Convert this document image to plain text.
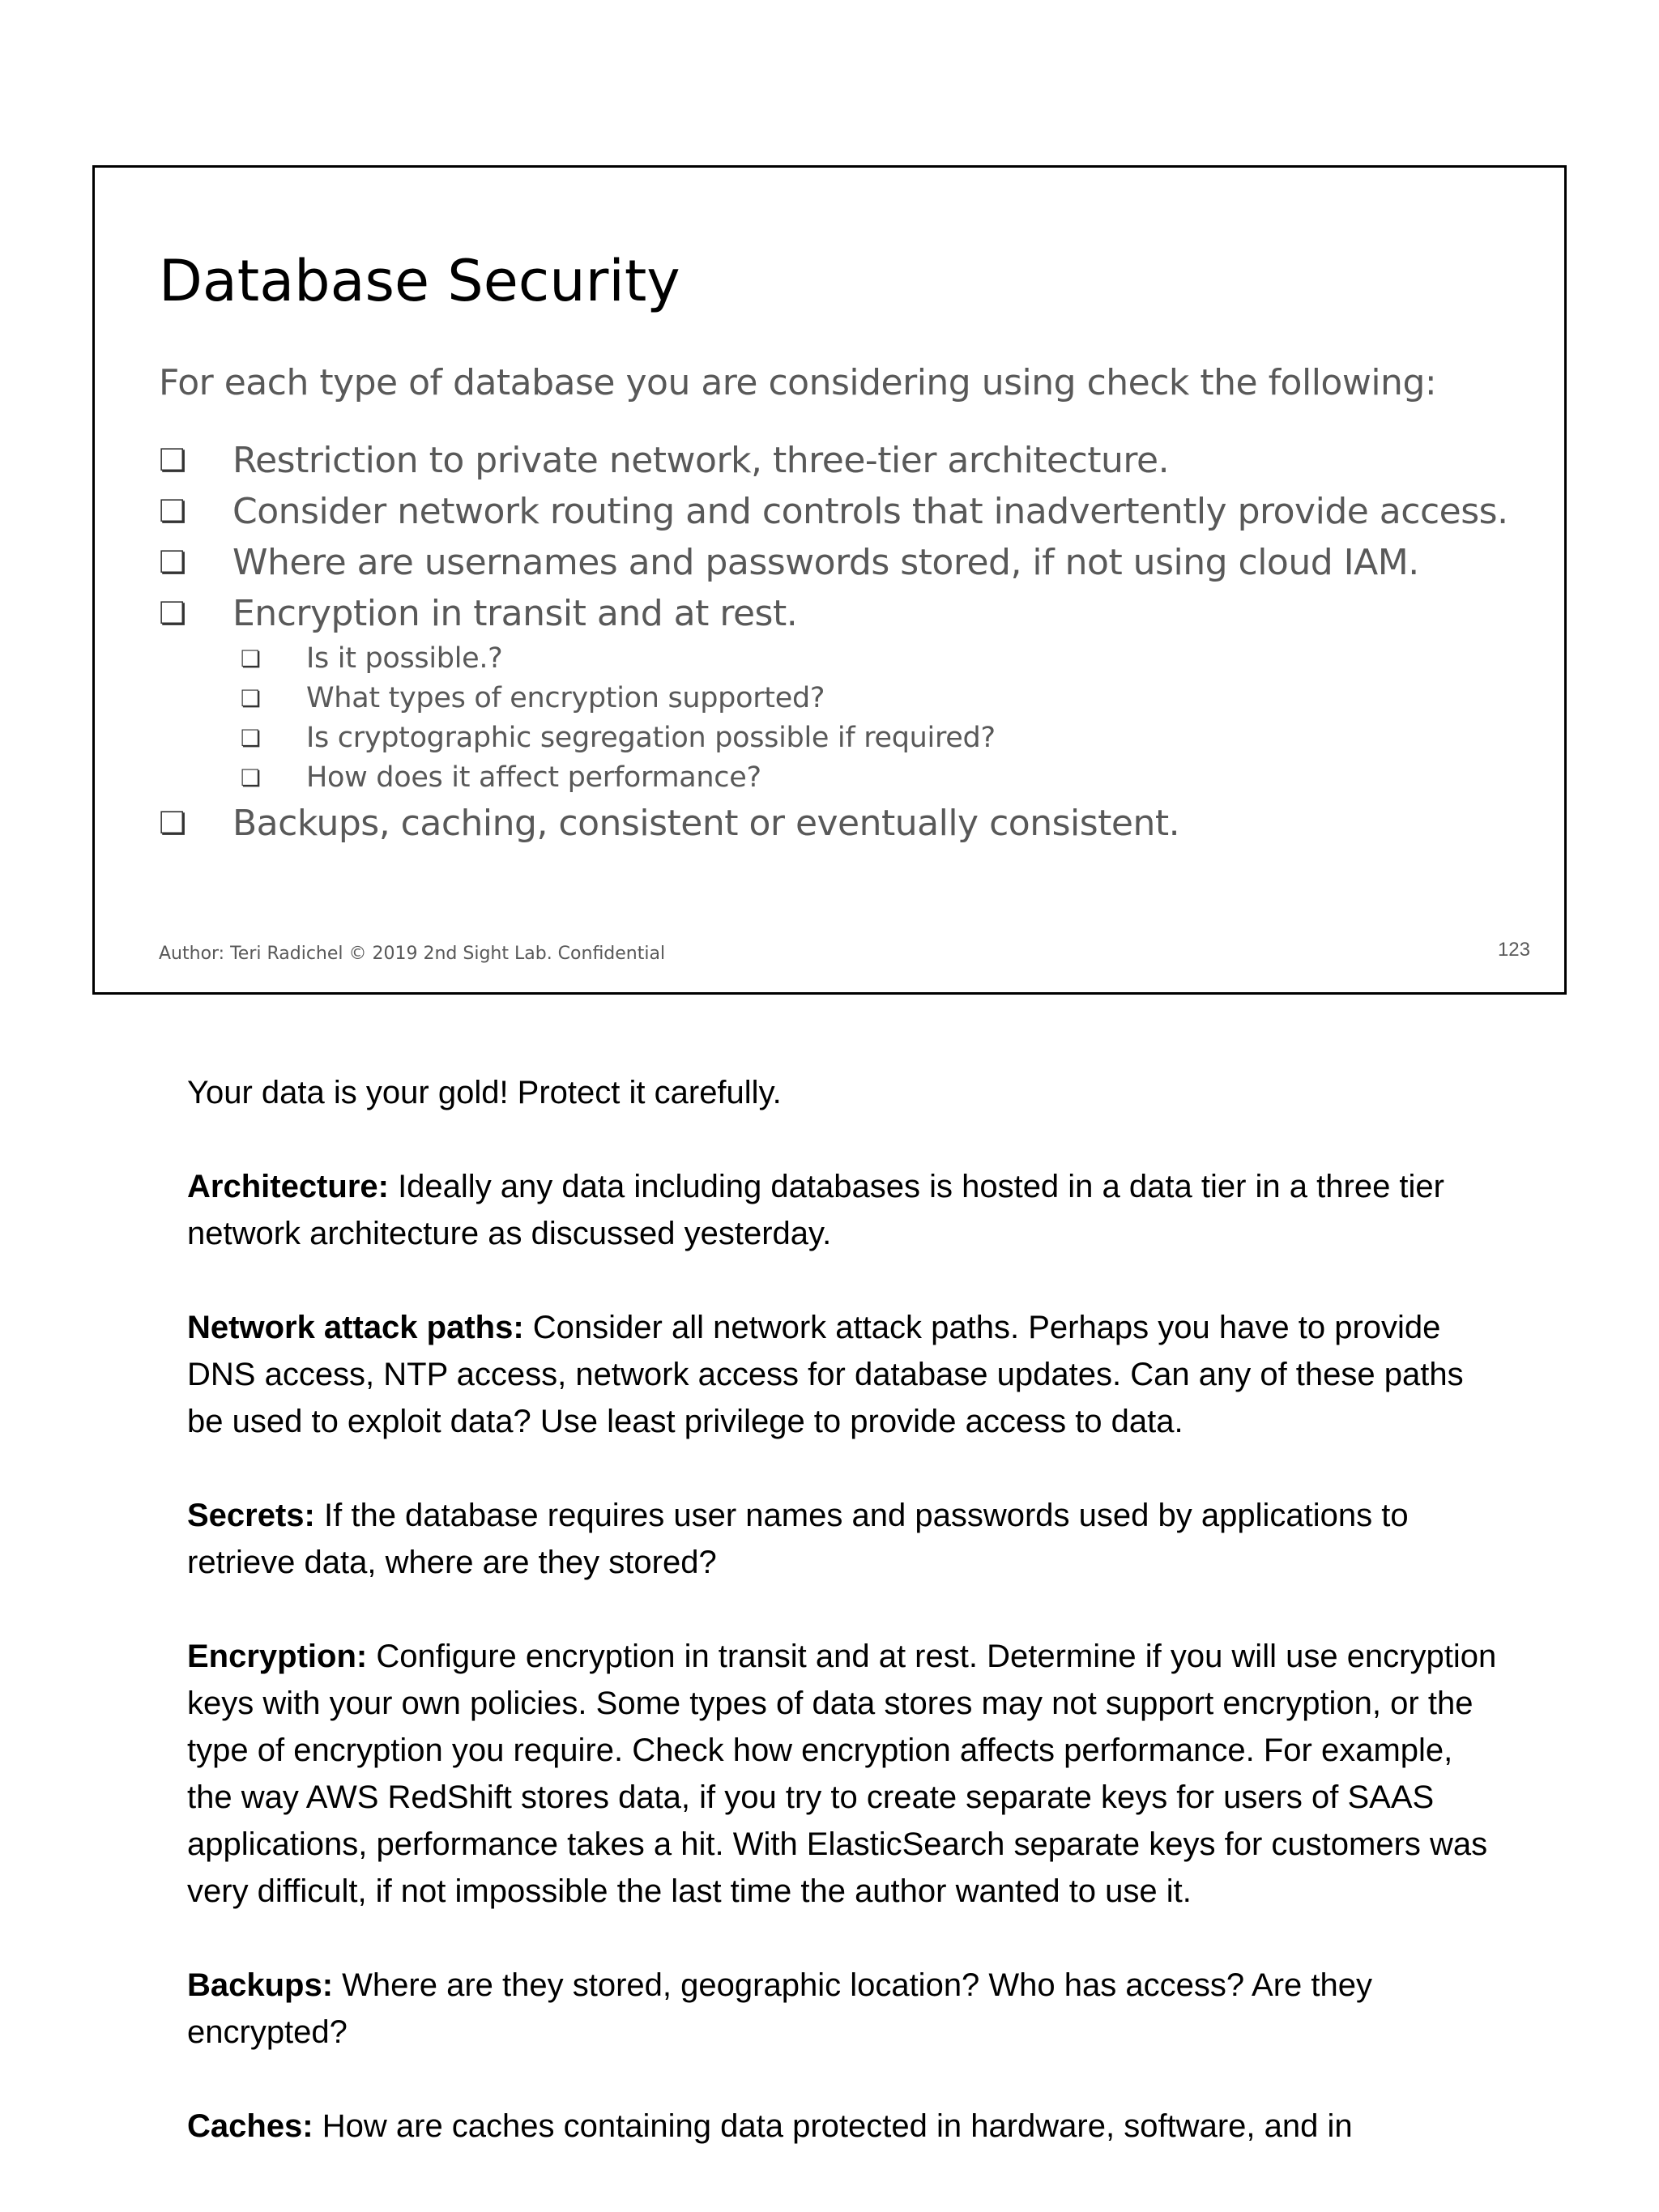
Database Security

For each type of database you are considering using check the following:

❏ Restriction to private network, three-tier architecture.
❏ Consider network routing and controls that inadvertently provide access.
❏ Where are usernames and passwords stored, if not using cloud IAM.
❏ Encryption in transit and at rest.
❏ Is it possible.?
❏ What types of encryption supported?
❏ Is cryptographic segregation possible if required?
❏ How does it affect performance?
❏ Backups, caching, consistent or eventually consistent.
Author: Teri Radichel © 2019 2nd Sight Lab. Confidential	123

Your data is your gold! Protect it carefully.

Architecture: Ideally any data including databases is hosted in a data tier in a three tier network architecture as discussed yesterday.

Network attack paths: Consider all network attack paths. Perhaps you have to provide DNS access, NTP access, network access for database updates. Can any of these paths be used to exploit data? Use least privilege to provide access to data.

Secrets: If the database requires user names and passwords used by applications to retrieve data, where are they stored?

Encryption: Configure encryption in transit and at rest. Determine if you will use encryption keys with your own policies. Some types of data stores may not support encryption, or the type of encryption you require. Check how encryption affects performance. For example, the way AWS RedShift stores data, if you try to create separate keys for users of SAAS applications, performance takes a hit. With ElasticSearch separate keys for customers was very difficult, if not impossible the last time the author wanted to use it.

Backups: Where are they stored, geographic location? Who has access? Are they encrypted?

Caches: How are caches containing data protected in hardware, software, and in
